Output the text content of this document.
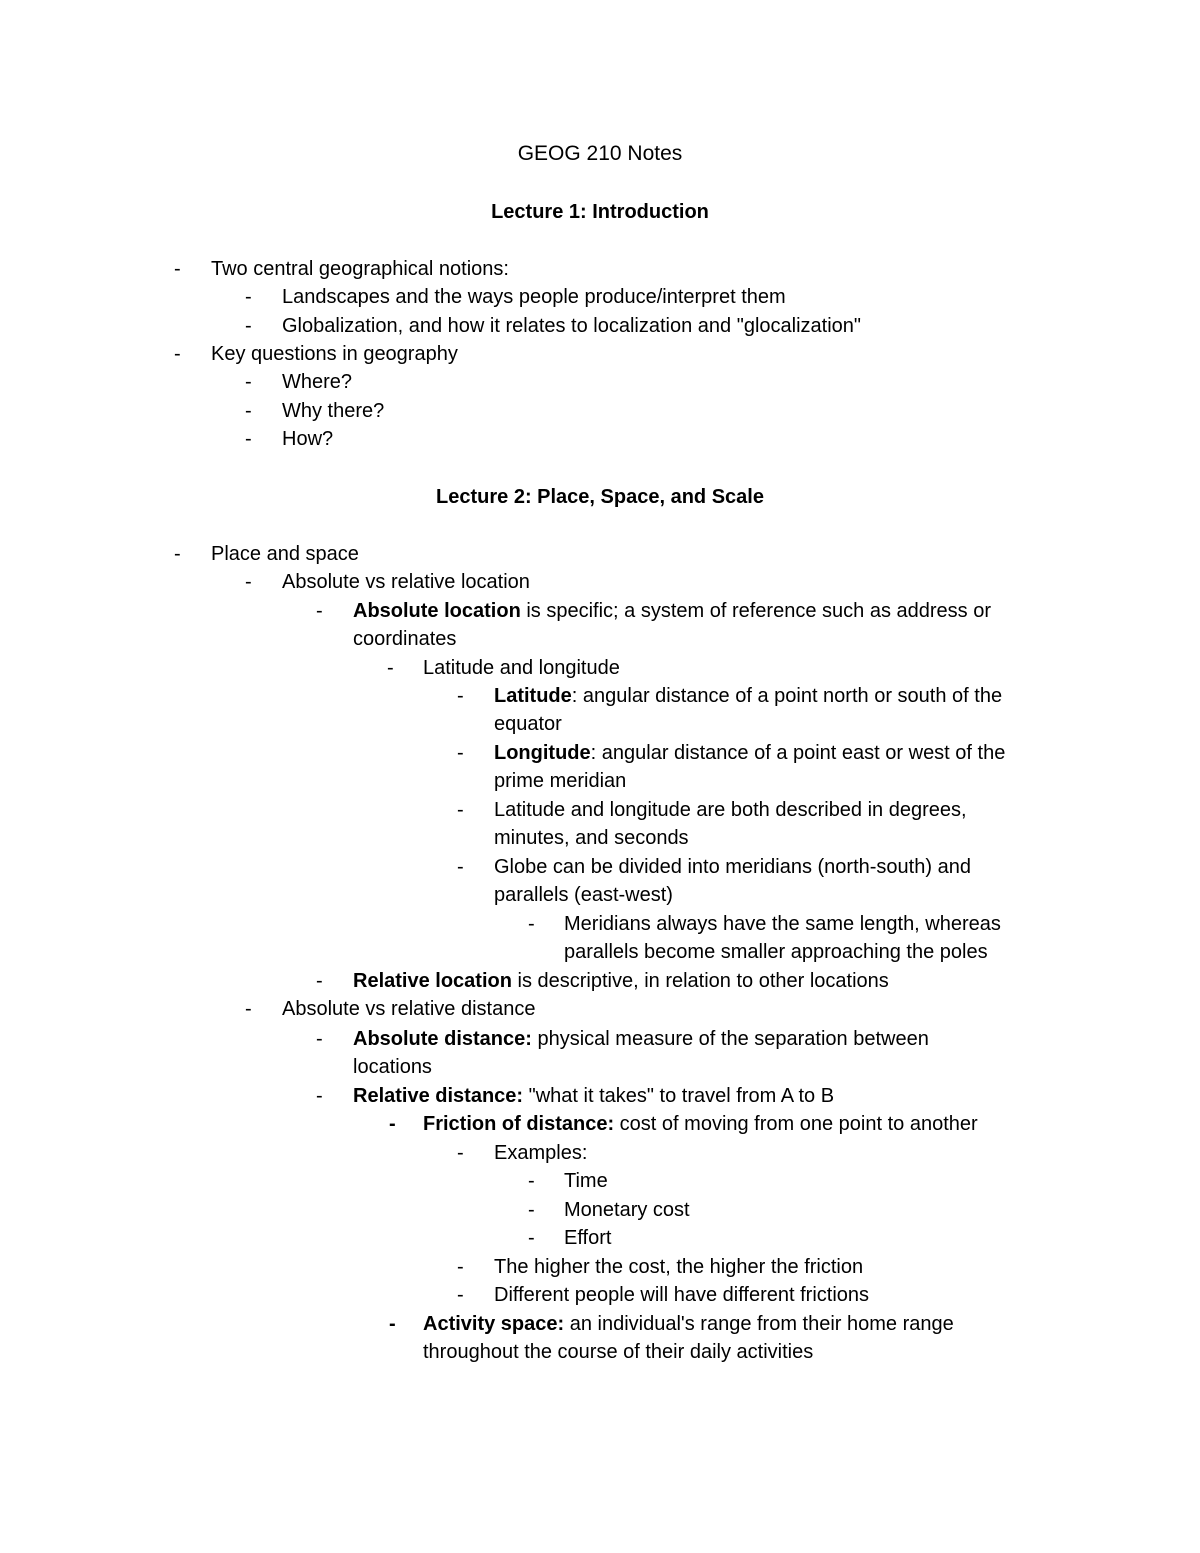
GEOG 210 Notes
Lecture 1: Introduction
- Two central geographical notions:
- Landscapes and the ways people produce/interpret them
- Globalization, and how it relates to localization and "glocalization"
- Key questions in geography
- Where?
- Why there?
- How?
Lecture 2: Place, Space, and Scale
- Place and space
- Absolute vs relative location
- Absolute location is specific; a system of reference such as address or
coordinates
- Latitude and longitude
- Latitude: angular distance of a point north or south of the
equator
- Longitude: angular distance of a point east or west of the
prime meridian
- Latitude and longitude are both described in degrees,
minutes, and seconds
- Globe can be divided into meridians (north-south) and
parallels (east-west)
- Meridians always have the same length, whereas
parallels become smaller approaching the poles
- Relative location is descriptive, in relation to other locations
- Absolute vs relative distance
- Absolute distance: physical measure of the separation between
locations
- Relative distance: "what it takes" to travel from A to B
- Friction of distance: cost of moving from one point to another
- Examples:
- Time
- Monetary cost
- Effort
- The higher the cost, the higher the friction
- Different people will have different frictions
- Activity space: an individual's range from their home range
throughout the course of their daily activities
